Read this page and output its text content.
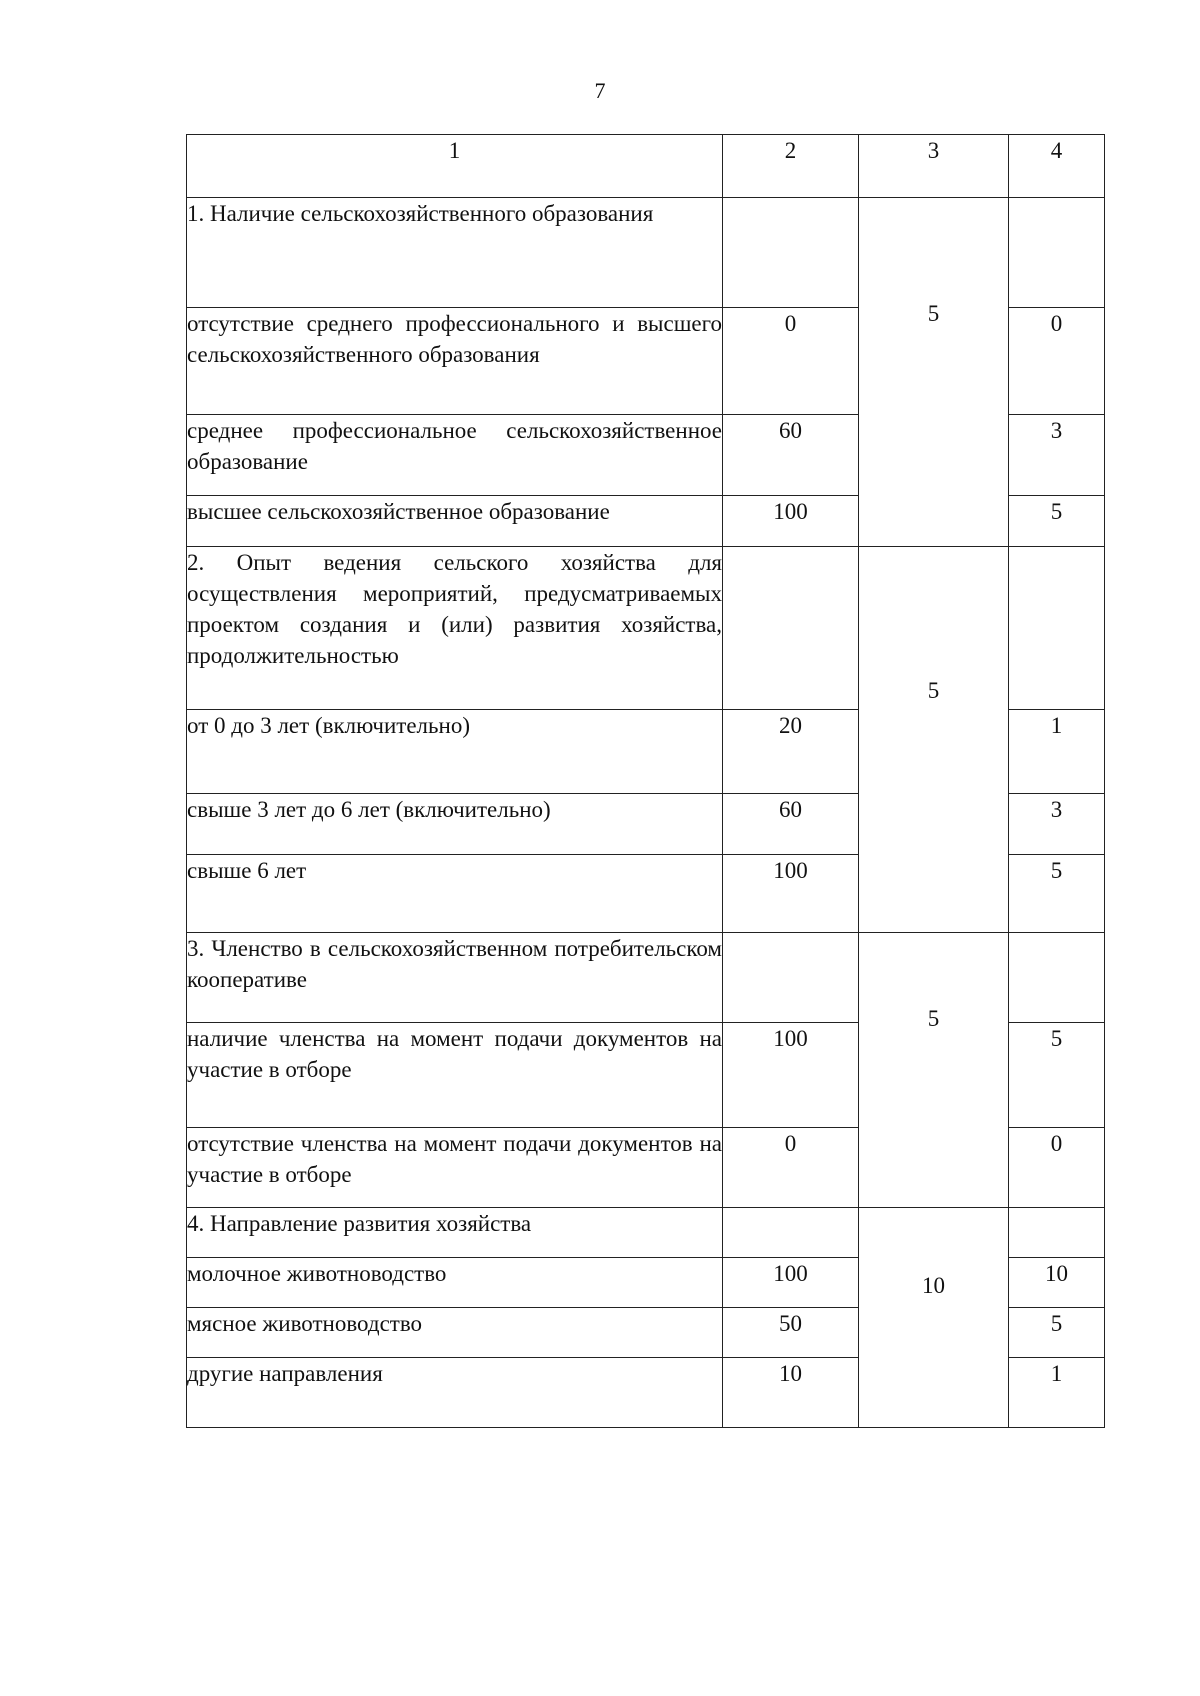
7
1	2	3	4
1. Наличие сельскохозяйственного образования		5	
отсутствие среднего профессионального и высшего сельскохозяйственного образования	0		0
среднее профессиональное сельскохозяйственное образование	60		3
высшее сельскохозяйственное образование	100		5
2. Опыт ведения сельского хозяйства для осуществления мероприятий, предусматриваемых проектом создания и (или) развития хозяйства, продолжительностью		5	
от 0 до 3 лет (включительно)	20		1
свыше 3 лет до 6 лет (включительно)	60		3
свыше 6 лет	100		5
3. Членство в сельскохозяйственном потребительском кооперативе		5	
наличие членства на момент подачи документов на участие в отборе	100		5
отсутствие членства на момент подачи документов на участие в отборе	0		0
4. Направление развития хозяйства		10	
молочное животноводство	100		10
мясное животноводство	50		5
другие направления	10		1
